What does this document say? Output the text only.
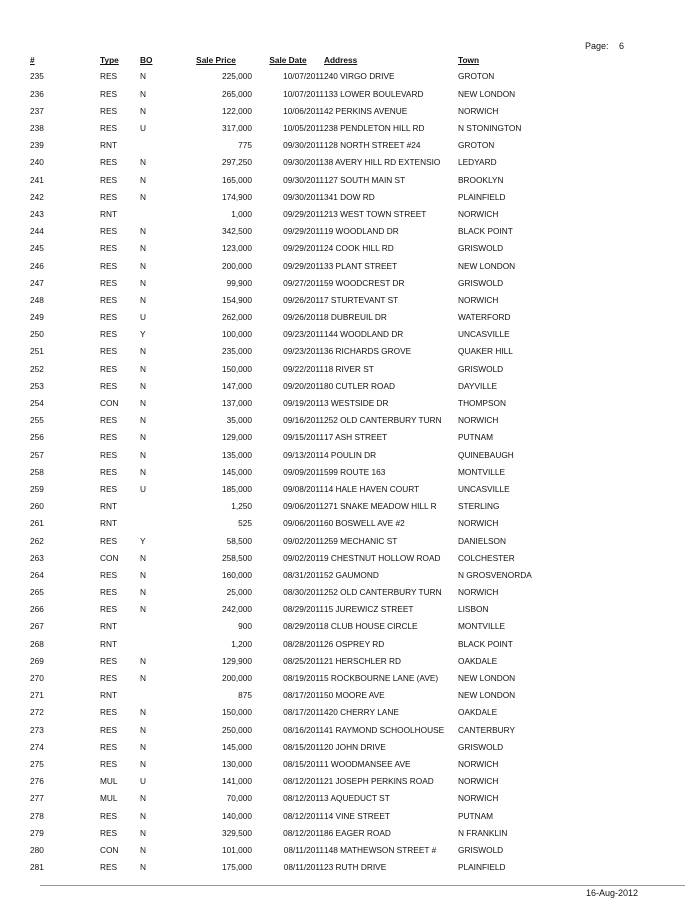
Page: 6
#	Type	BO	Sale Price	Sale Date	Address	Town
235	RES	N	225,000	10/07/2011	240 VIRGO DRIVE	GROTON
236	RES	N	265,000	10/07/2011	133 LOWER BOULEVARD	NEW LONDON
237	RES	N	122,000	10/06/2011	42 PERKINS AVENUE	NORWICH
238	RES	U	317,000	10/05/2011	238 PENDLETON HILL RD	N STONINGTON
239	RNT		775	09/30/2011	128 NORTH STREET #24	GROTON
240	RES	N	297,250	09/30/2011	38 AVERY HILL RD EXTENSIO	LEDYARD
241	RES	N	165,000	09/30/2011	127 SOUTH MAIN ST	BROOKLYN
242	RES	N	174,900	09/30/2011	341 DOW RD	PLAINFIELD
243	RNT		1,000	09/29/2011	213 WEST TOWN STREET	NORWICH
244	RES	N	342,500	09/29/2011	19 WOODLAND DR	BLACK POINT
245	RES	N	123,000	09/29/2011	24 COOK HILL RD	GRISWOLD
246	RES	N	200,000	09/29/2011	33 PLANT STREET	NEW LONDON
247	RES	N	99,900	09/27/2011	59 WOODCREST DR	GRISWOLD
248	RES	N	154,900	09/26/2011	7 STURTEVANT ST	NORWICH
249	RES	U	262,000	09/26/2011	8 DUBREUIL DR	WATERFORD
250	RES	Y	100,000	09/23/2011	144 WOODLAND DR	UNCASVILLE
251	RES	N	235,000	09/23/2011	36 RICHARDS GROVE	QUAKER HILL
252	RES	N	150,000	09/22/2011	18 RIVER ST	GRISWOLD
253	RES	N	147,000	09/20/2011	80 CUTLER ROAD	DAYVILLE
254	CON	N	137,000	09/19/2011	3 WESTSIDE DR	THOMPSON
255	RES	N	35,000	09/16/2011	252 OLD CANTERBURY TURN	NORWICH
256	RES	N	129,000	09/15/2011	17 ASH STREET	PUTNAM
257	RES	N	135,000	09/13/2011	4 POULIN DR	QUINEBAUGH
258	RES	N	145,000	09/09/2011	599 ROUTE 163	MONTVILLE
259	RES	U	185,000	09/08/2011	14 HALE HAVEN COURT	UNCASVILLE
260	RNT		1,250	09/06/2011	271 SNAKE MEADOW HILL R	STERLING
261	RNT		525	09/06/2011	60 BOSWELL AVE #2	NORWICH
262	RES	Y	58,500	09/02/2011	259 MECHANIC ST	DANIELSON
263	CON	N	258,500	09/02/2011	9 CHESTNUT HOLLOW ROAD	COLCHESTER
264	RES	N	160,000	08/31/2011	52 GAUMOND	N GROSVENORDA
265	RES	N	25,000	08/30/2011	252 OLD CANTERBURY TURN	NORWICH
266	RES	N	242,000	08/29/2011	15 JUREWICZ STREET	LISBON
267	RNT		900	08/29/2011	8 CLUB HOUSE CIRCLE	MONTVILLE
268	RNT		1,200	08/28/2011	26 OSPREY RD	BLACK POINT
269	RES	N	129,900	08/25/2011	21 HERSCHLER RD	OAKDALE
270	RES	N	200,000	08/19/2011	5 ROCKBOURNE LANE (AVE)	NEW LONDON
271	RNT		875	08/17/2011	50 MOORE AVE	NEW LONDON
272	RES	N	150,000	08/17/2011	420 CHERRY LANE	OAKDALE
273	RES	N	250,000	08/16/2011	41 RAYMOND SCHOOLHOUSE	CANTERBURY
274	RES	N	145,000	08/15/2011	20 JOHN DRIVE	GRISWOLD
275	RES	N	130,000	08/15/2011	1 WOODMANSEE AVE	NORWICH
276	MUL	U	141,000	08/12/2011	21 JOSEPH PERKINS ROAD	NORWICH
277	MUL	N	70,000	08/12/2011	3 AQUEDUCT ST	NORWICH
278	RES	N	140,000	08/12/2011	14 VINE STREET	PUTNAM
279	RES	N	329,500	08/12/2011	86 EAGER ROAD	N FRANKLIN
280	CON	N	101,000	08/11/2011	148 MATHEWSON STREET #	GRISWOLD
281	RES	N	175,000	08/11/2011	23 RUTH DRIVE	PLAINFIELD
16-Aug-2012
